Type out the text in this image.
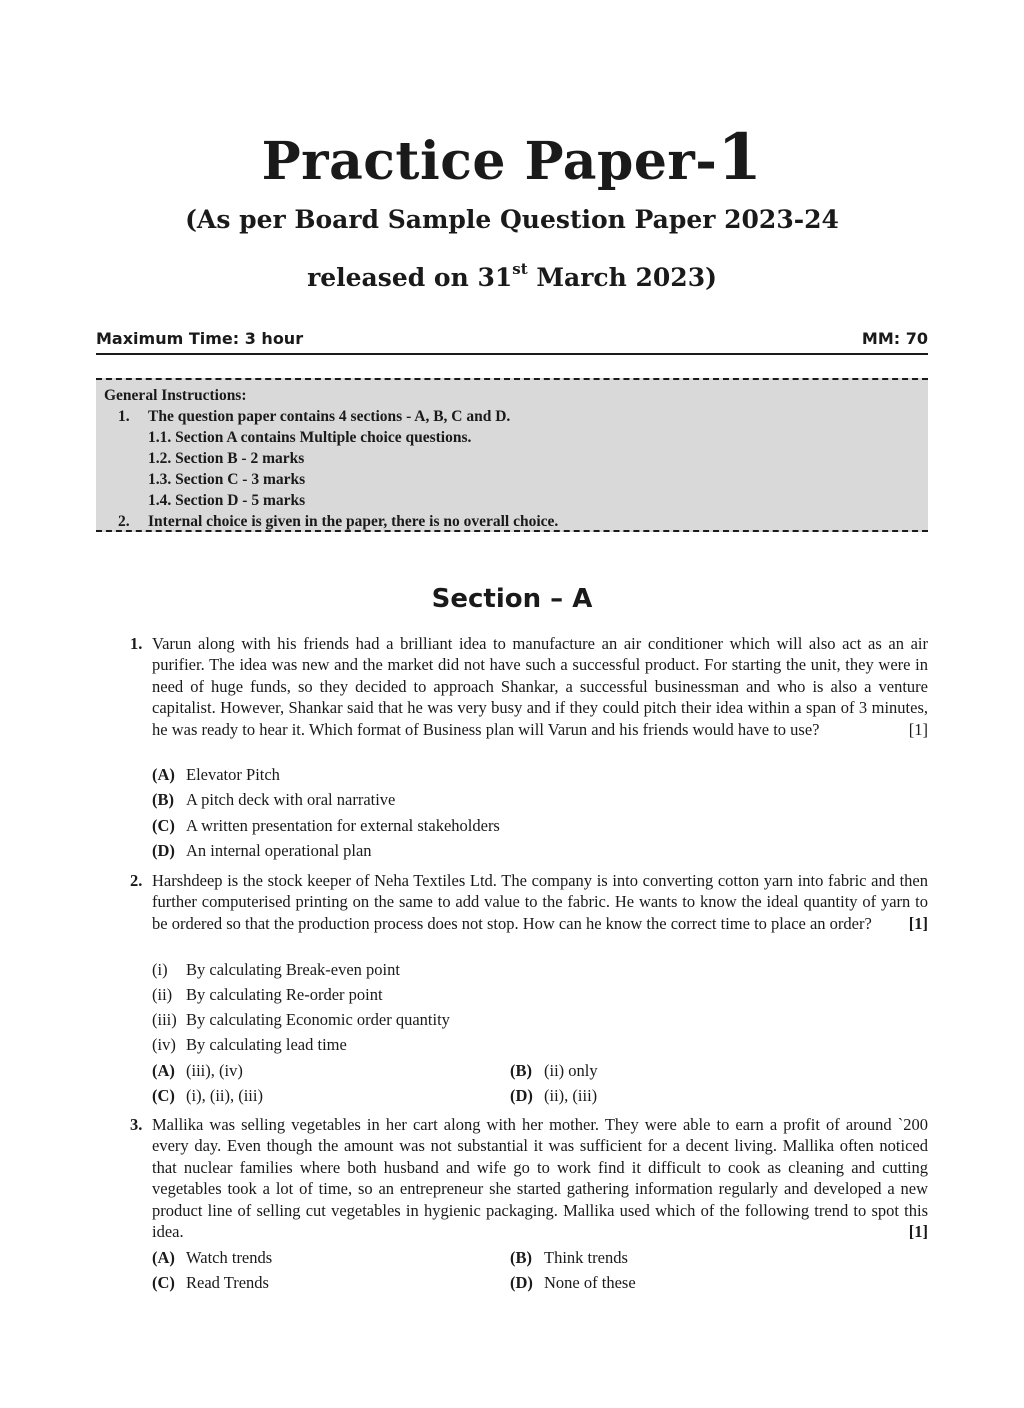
Practice Paper-1
(As per Board Sample Question Paper 2023-24
released on 31st March 2023)
Maximum Time: 3 hour	MM: 70
General Instructions:
1. The question paper contains 4 sections - A, B, C and D.
1.1. Section A contains Multiple choice questions.
1.2. Section B - 2 marks
1.3. Section C - 3 marks
1.4. Section D - 5 marks
2. Internal choice is given in the paper, there is no overall choice.
Section – A
1. Varun along with his friends had a brilliant idea to manufacture an air conditioner which will also act as an air purifier. The idea was new and the market did not have such a successful product. For starting the unit, they were in need of huge funds, so they decided to approach Shankar, a successful businessman and who is also a venture capitalist. However, Shankar said that he was very busy and if they could pitch their idea within a span of 3 minutes, he was ready to hear it. Which format of Business plan will Varun and his friends would have to use?	[1]
(A) Elevator Pitch
(B) A pitch deck with oral narrative
(C) A written presentation for external stakeholders
(D) An internal operational plan
2. Harshdeep is the stock keeper of Neha Textiles Ltd. The company is into converting cotton yarn into fabric and then further computerised printing on the same to add value to the fabric. He wants to know the ideal quantity of yarn to be ordered so that the production process does not stop. How can he know the correct time to place an order? [1]
(i) By calculating Break-even point
(ii) By calculating Re-order point
(iii) By calculating Economic order quantity
(iv) By calculating lead time
(A) (iii), (iv)	(B) (ii) only
(C) (i), (ii), (iii)	(D) (ii), (iii)
3. Mallika was selling vegetables in her cart along with her mother. They were able to earn a profit of around `200 every day. Even though the amount was not substantial it was sufficient for a decent living. Mallika often noticed that nuclear families where both husband and wife go to work find it difficult to cook as cleaning and cutting vegetables took a lot of time, so an entrepreneur she started gathering information regularly and developed a new product line of selling cut vegetables in hygienic packaging. Mallika used which of the following trend to spot this idea.	[1]
(A) Watch trends	(B) Think trends
(C) Read Trends	(D) None of these
